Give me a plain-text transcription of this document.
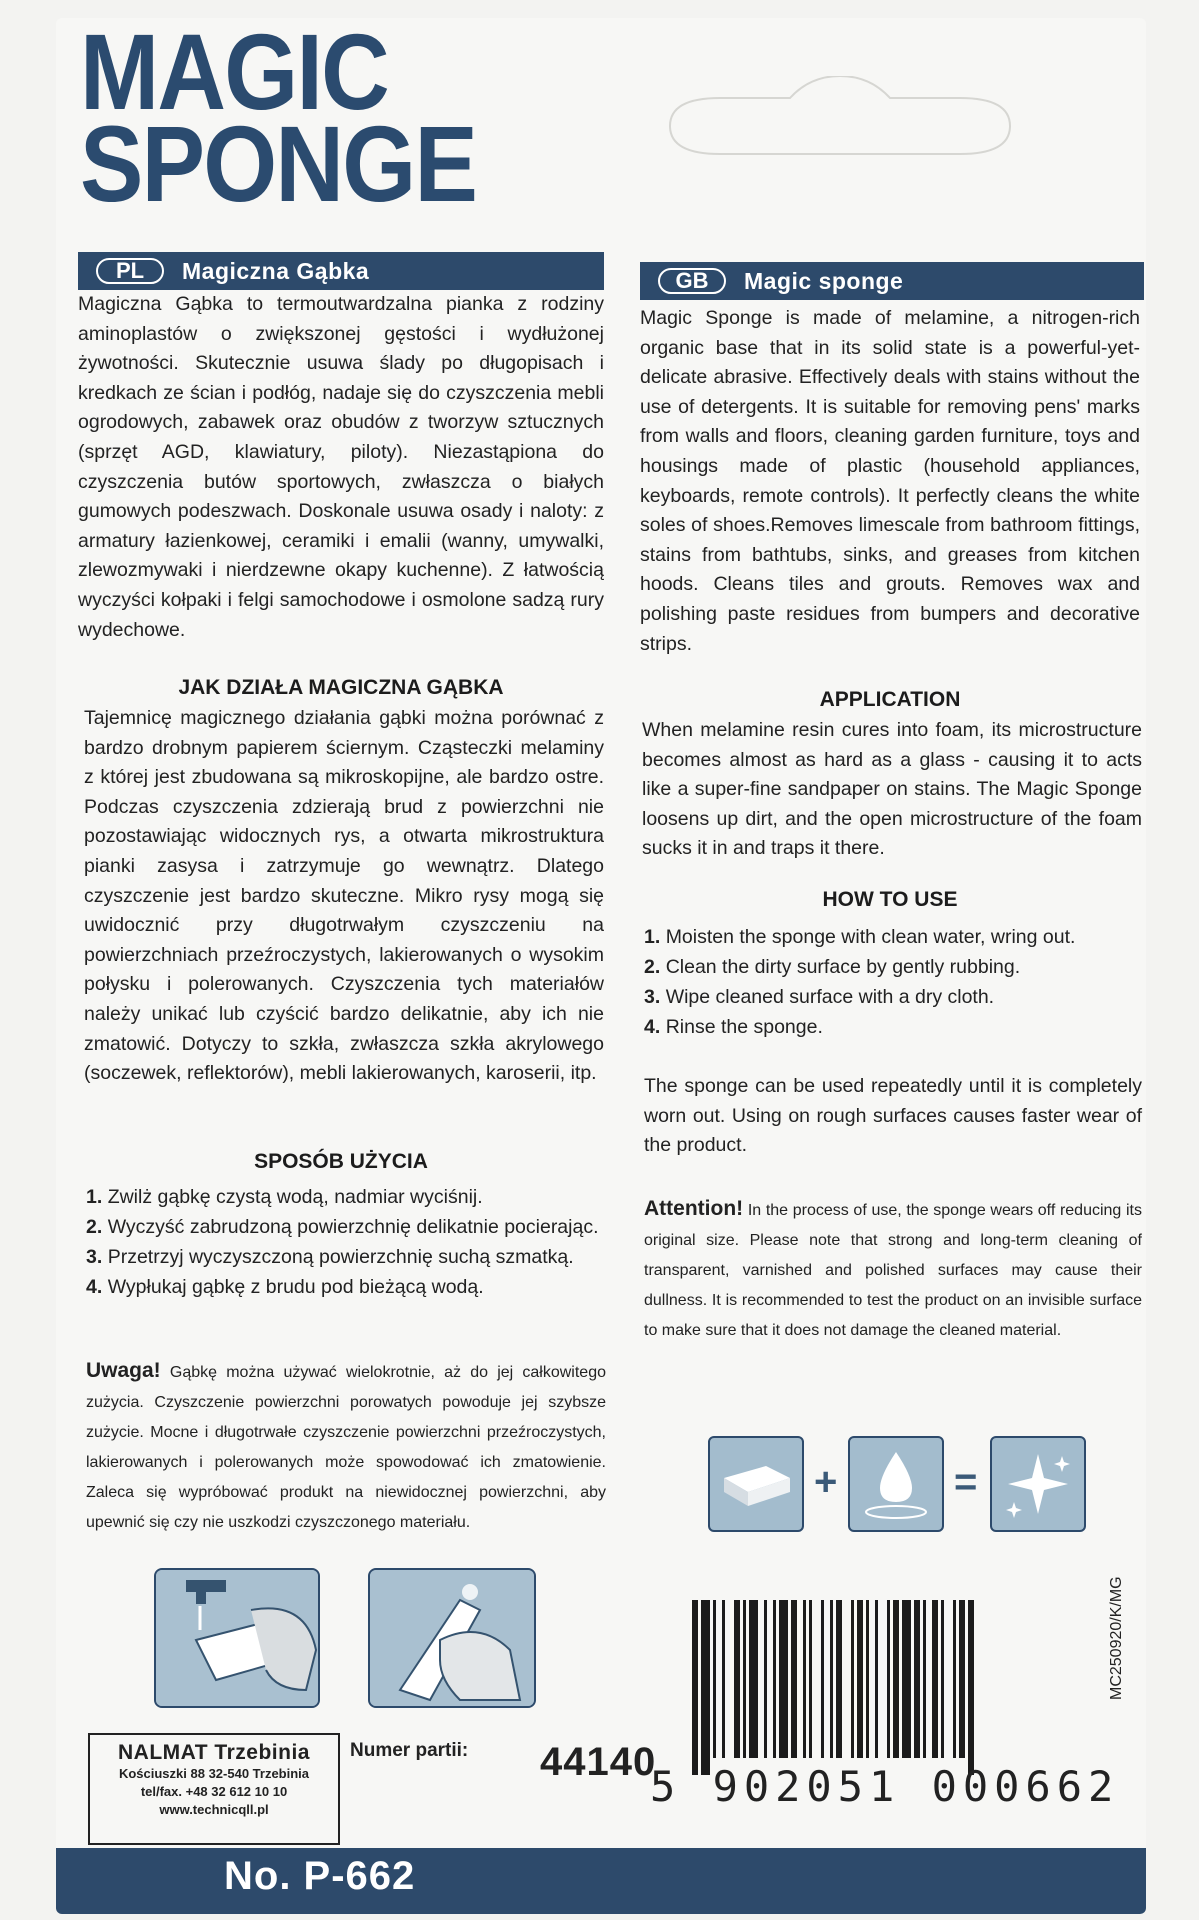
MAGIC
SPONGE
PL	Magiczna Gąbka
Magiczna Gąbka to termoutwardzalna pianka z rodziny aminoplastów o zwiększonej gęstości i wydłużonej żywotności. Skutecznie usuwa ślady po długopisach i kredkach ze ścian i podłóg, nadaje się do czyszczenia mebli ogrodowych, zabawek oraz obudów z tworzyw sztucznych (sprzęt AGD, klawiatury, piloty). Niezastąpiona do czyszczenia butów sportowych, zwłaszcza o białych gumowych podeszwach. Doskonale usuwa osady i naloty: z armatury łazienkowej, ceramiki i emalii (wanny, umywalki, zlewozmywaki i nierdzewne okapy kuchenne). Z łatwością wyczyści kołpaki i felgi samochodowe i osmolone sadzą rury wydechowe.
JAK DZIAŁA MAGICZNA GĄBKA
Tajemnicę magicznego działania gąbki można porównać z bardzo drobnym papierem ściernym. Cząsteczki melaminy z której jest zbudowana są mikroskopijne, ale bardzo ostre. Podczas czyszczenia zdzierają brud z powierzchni nie pozostawiając widocznych rys, a otwarta mikrostruktura pianki zasysa i zatrzymuje go wewnątrz. Dlatego czyszczenie jest bardzo skuteczne. Mikro rysy mogą się uwidocznić przy długotrwałym czyszczeniu na powierzchniach przeźroczystych, lakierowanych o wysokim połysku i polerowanych. Czyszczenia tych materiałów należy unikać lub czyścić bardzo delikatnie, aby ich nie zmatowić. Dotyczy to szkła, zwłaszcza szkła akrylowego (soczewek, reflektorów), mebli lakierowanych, karoserii, itp.
SPOSÓB UŻYCIA
1. Zwilż gąbkę czystą wodą, nadmiar wyciśnij.
2. Wyczyść zabrudzoną powierzchnię delikatnie pocierając.
3. Przetrzyj wyczyszczoną powierzchnię suchą szmatką.
4. Wypłukaj gąbkę z brudu pod bieżącą wodą.
Uwaga! Gąbkę można używać wielokrotnie, aż do jej całkowitego zużycia. Czyszczenie powierzchni porowatych powoduje jej szybsze zużycie. Mocne i długotrwałe czyszczenie powierzchni przeźroczystych, lakierowanych i polerowanych może spowodować ich zmatowienie. Zaleca się wypróbować produkt na niewidocznej powierzchni, aby upewnić się czy nie uszkodzi czyszczonego materiału.
GB	Magic sponge
Magic Sponge is made of melamine, a nitrogen-rich organic base that in its solid state is a powerful-yet-delicate abrasive. Effectively deals with stains without the use of detergents. It is suitable for removing pens' marks from walls and floors, cleaning garden furniture, toys and housings made of plastic (household appliances, keyboards, remote controls). It perfectly cleans the white soles of shoes.Removes limescale from bathroom fittings, stains from bathtubs, sinks, and greases from kitchen hoods. Cleans tiles and grouts. Removes wax and polishing paste residues from bumpers and decorative strips.
APPLICATION
When melamine resin cures into foam, its microstructure becomes almost as hard as a glass - causing it to acts like a super-fine sandpaper on stains. The Magic Sponge loosens up dirt, and the open microstructure of the foam sucks it in and traps it there.
HOW TO USE
1. Moisten the sponge with clean water, wring out.
2. Clean the dirty surface by gently rubbing.
3. Wipe cleaned surface with a dry cloth.
4. Rinse the sponge.
The sponge can be used repeatedly until it is completely worn out. Using on rough surfaces causes faster wear of the product.
Attention! In the process of use, the sponge wears off reducing its original size. Please note that strong and long-term cleaning of transparent, varnished and polished surfaces may cause their dullness. It is recommended to test the product on an invisible surface to make sure that it does not damage the cleaned material.
+	=
NALMAT Trzebinia
Kościuszki 88 32-540 Trzebinia
tel/fax. +48 32 612 10 10
www.technicqll.pl
Numer partii: 44140
5 902051 000662
MC250920/K/MG
No. P-662
